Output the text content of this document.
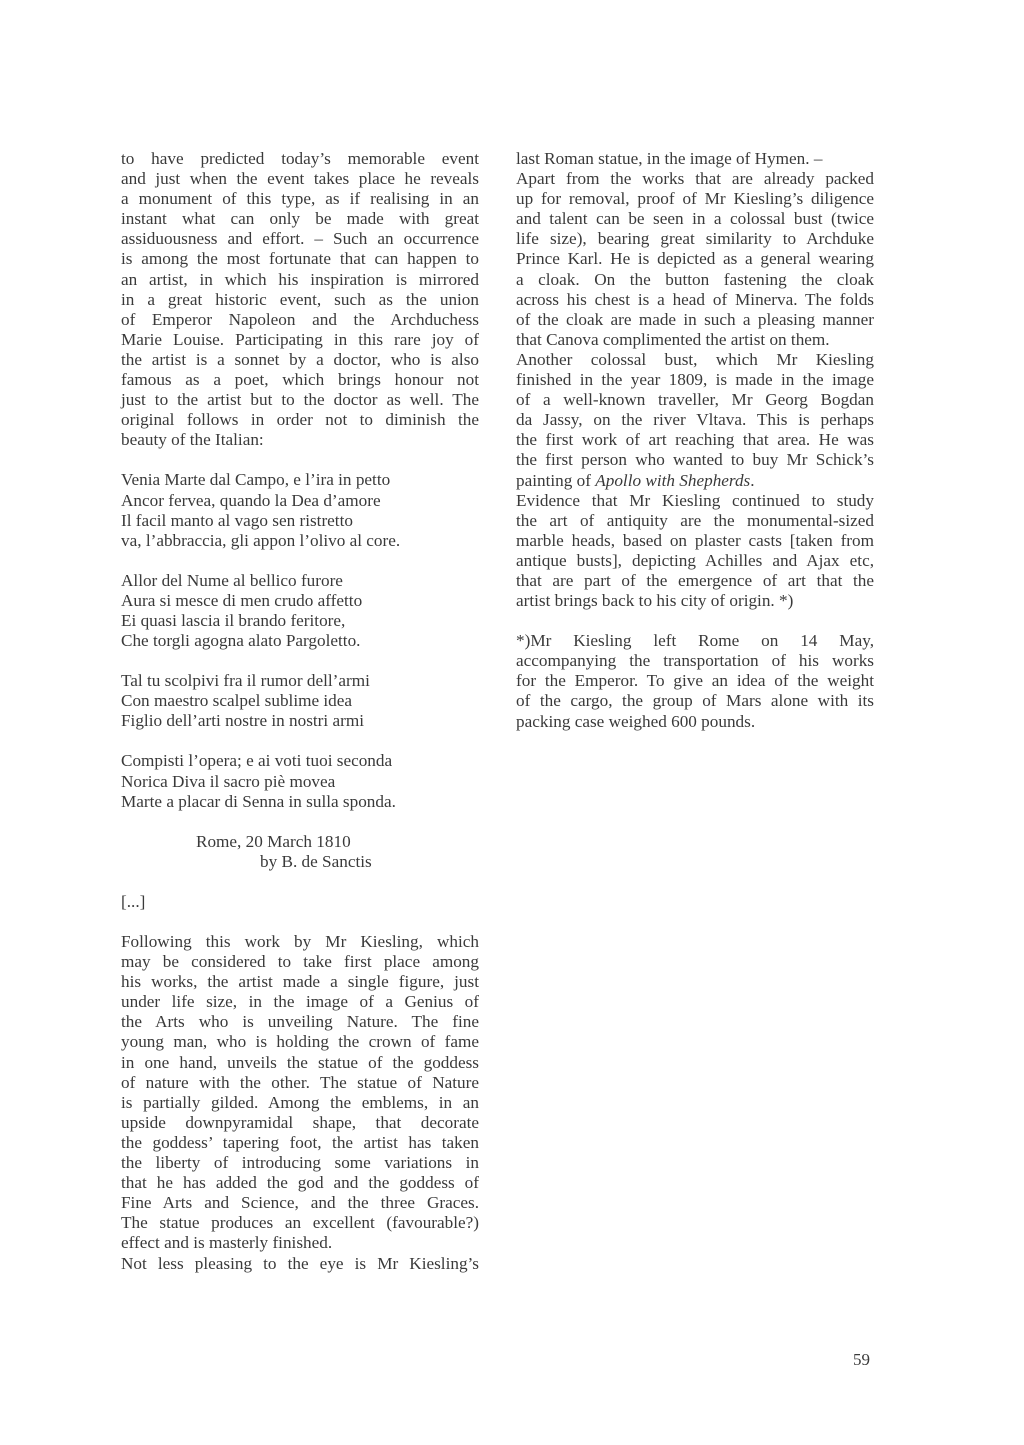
to have predicted today’s memorable event
and just when the event takes place he reveals
a monument of this type, as if realising in an
instant what can only be made with great
assiduousness and effort. – Such an occurrence
is among the most fortunate that can happen to
an artist, in which his inspiration is mirrored
in a great historic event, such as the union
of Emperor Napoleon and the Archduchess
Marie Louise. Participating in this rare joy of
the artist is a sonnet by a doctor, who is also
famous as a poet, which brings honour not
just to the artist but to the doctor as well. The
original follows in order not to diminish the
beauty of the Italian:

Venia Marte dal Campo, e l’ira in petto
Ancor fervea, quando la Dea d’amore
Il facil manto al vago sen ristretto
va, l’abbraccia, gli appon l’olivo al core.
Allor del Nume al bellico furore
Aura si mesce di men crudo affetto
Ei quasi lascia il brando feritore,
Che torgli agogna alato Pargoletto.
Tal tu scolpivi fra il rumor dell’armi
Con maestro scalpel sublime idea
Figlio dell’arti nostre in nostri armi
Compisti l’opera; e ai voti tuoi seconda
Norica Diva il sacro piè movea
Marte a placar di Senna in sulla sponda.
Rome, 20 March 1810
by B. de Sanctis

[...]

Following this work by Mr Kiesling, which
may be considered to take first place among
his works, the artist made a single figure, just
under life size, in the image of a Genius of
the Arts who is unveiling Nature. The fine
young man, who is holding the crown of fame
in one hand, unveils the statue of the goddess
of nature with the other. The statue of Nature
is partially gilded. Among the emblems, in an
upside downpyramidal shape, that decorate
the goddess’ tapering foot, the artist has taken
the liberty of introducing some variations in
that he has added the god and the goddess of
Fine Arts and Science, and the three Graces.
The statue produces an excellent (favourable?)
effect and is masterly finished.

Not less pleasing to the eye is Mr Kiesling’s

last Roman statue, in the image of Hymen. –
Apart from the works that are already packed
up for removal, proof of Mr Kiesling’s diligence
and talent can be seen in a colossal bust (twice
life size), bearing great similarity to Archduke
Prince Karl. He is depicted as a general wearing
a cloak. On the button fastening the cloak
across his chest is a head of Minerva. The folds
of the cloak are made in such a pleasing manner
that Canova complimented the artist on them.

Another colossal bust, which Mr Kiesling
finished in the year 1809, is made in the image
of a well-known traveller, Mr Georg Bogdan
da Jassy, on the river Vltava. This is perhaps
the first work of art reaching that area. He was
the first person who wanted to buy Mr Schick’s
painting of Apollo with Shepherds.

Evidence that Mr Kiesling continued to study
the art of antiquity are the monumental-sized
marble heads, based on plaster casts [taken from
antique busts], depicting Achilles and Ajax etc,
that are part of the emergence of art that the
artist brings back to his city of origin. *)

*)Mr Kiesling left Rome on 14 May,
accompanying the transportation of his works
for the Emperor. To give an idea of the weight
of the cargo, the group of Mars alone with its
packing case weighed 600 pounds.

59
